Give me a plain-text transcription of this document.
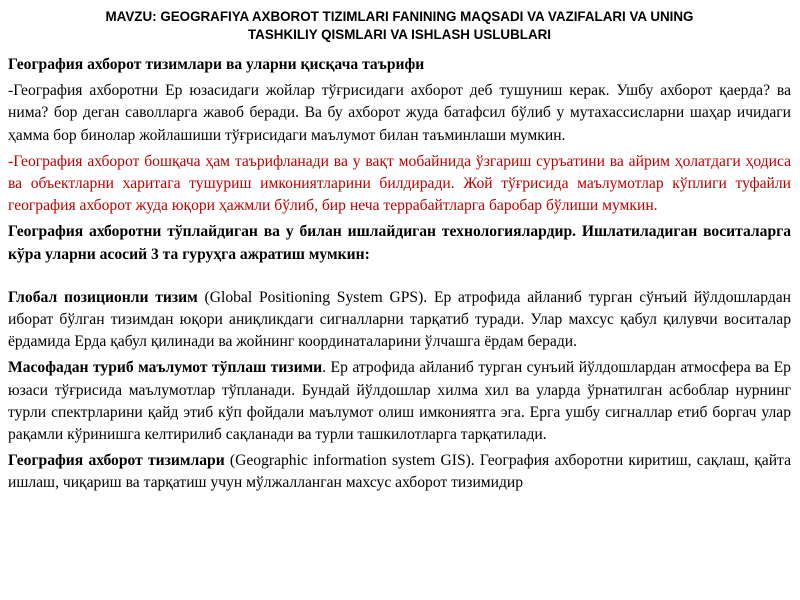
MAVZU: GEOGRAFIYA AXBOROT TIZIMLARI FANINING MAQSADI VA VAZIFALARI VA UNING
TASHKILIY QISMLARI VA ISHLASH USLUBLARI
География ахборот тизимлари ва уларни қисқача таърифи
-География ахборотни Ер юзасидаги жойлар тўғрисидаги ахборот деб тушуниш керак. Ушбу ахборот қаерда? ва нима? бор деган саволларга жавоб беради. Ва бу ахборот жуда батафсил бўлиб у мутахассисларни шаҳар ичидаги ҳамма бор бинолар жойлашиши тўғрисидаги маълумот билан таъминлаши мумкин.
-География ахборот бошқача ҳам таърифланади ва у вақт мобайнида ўзгариш суръатини ва айрим ҳолатдаги ҳодиса ва объектларни харитага тушуриш имкониятларини билдиради. Жой тўғрисида маълумотлар кўплиги туфайли география ахборот жуда юқори ҳажмли бўлиб, бир неча террабайтларга баробар бўлиши мумкин.
География ахборотни тўплайдиган ва у билан ишлайдиган технологиялардир. Ишлатиладиган воситаларга кўра уларни асосий 3 та гуруҳга ажратиш мумкин:
Глобал позиционли тизим (Global Positioning System GPS). Ер атрофида айланиб турган сўнъий йўлдошлардан иборат бўлган тизимдан юқори аниқликдаги сигналларни тарқатиб туради. Улар махсус қабул қилувчи воситалар ёрдамида Ерда қабул қилинади ва жойнинг координаталарини ўлчашга ёрдам беради.
Масофадан туриб маълумот тўплаш тизими. Ер атрофида айланиб турган сунъий йўлдошлардан атмосфера ва Ер юзаси тўғрисида маълумотлар тўпланади. Бундай йўлдошлар хилма хил ва уларда ўрнатилган асбоблар нурнинг турли спектрларини қайд этиб кўп фойдали маълумот олиш имкониятга эга. Ерга ушбу сигналлар етиб боргач улар рақамли кўринишга келтирилиб сақланади ва турли ташкилотларга тарқатилади.
География ахборот тизимлари (Geographic information system GIS). География ахборотни киритиш, сақлаш, қайта ишлаш, чиқариш ва тарқатиш учун мўлжалланган махсус ахборот тизимидир
